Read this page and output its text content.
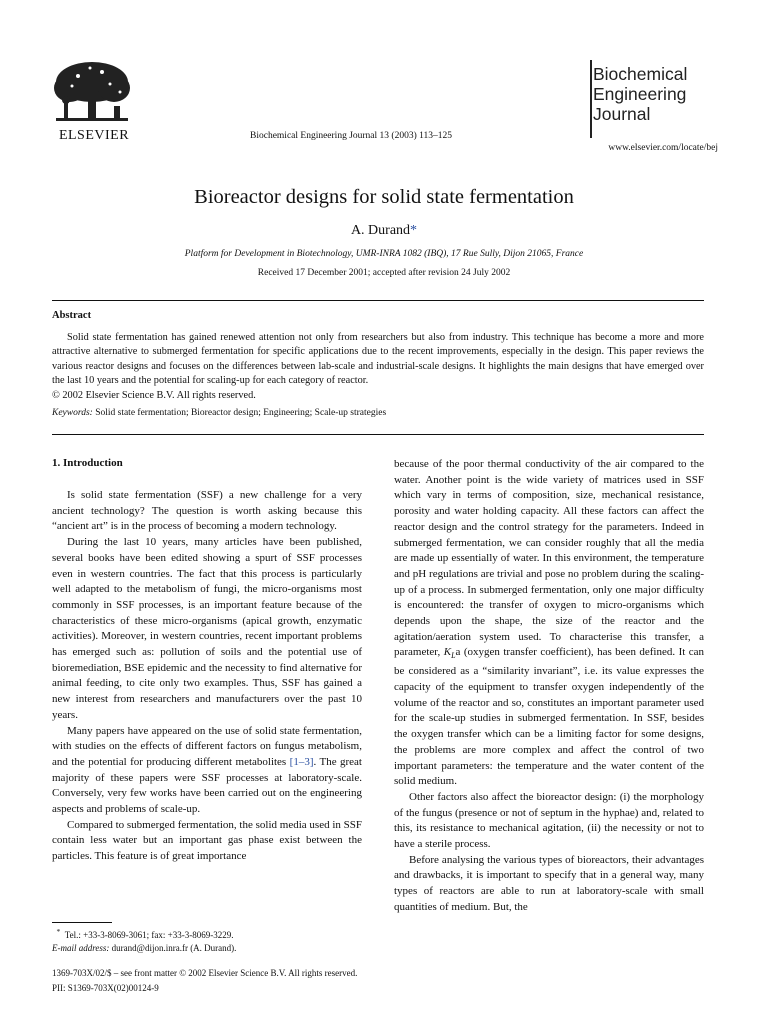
ELSEVIER	Biochemical Engineering Journal 13 (2003) 113–125
Biochemical
Engineering
Journal
www.elsevier.com/locate/bej
Bioreactor designs for solid state fermentation
A. Durand*
Platform for Development in Biotechnology, UMR-INRA 1082 (IBQ), 17 Rue Sully, Dijon 21065, France
Received 17 December 2001; accepted after revision 24 July 2002
Abstract

Solid state fermentation has gained renewed attention not only from researchers but also from industry. This technique has become a more and more attractive alternative to submerged fermentation for specific applications due to the recent improvements, especially in the design. This paper reviews the various reactor designs and focuses on the differences between lab-scale and industrial-scale designs. It highlights the main designs that have emerged over the last 10 years and the potential for scaling-up for each category of reactor.

© 2002 Elsevier Science B.V. All rights reserved.

Keywords: Solid state fermentation; Bioreactor design; Engineering; Scale-up strategies
1. Introduction

Is solid state fermentation (SSF) a new challenge for a very ancient technology? The question is worth asking because this “ancient art” is in the process of becoming a modern technology.

During the last 10 years, many articles have been published, several books have been edited showing a spurt of SSF processes even in western countries. The fact that this process is particularly well adapted to the metabolism of fungi, the micro-organisms most commonly in SSF processes, is an important feature because of the characteristics of these micro-organisms (apical growth, enzymatic activities). Moreover, in western countries, recent important problems has emerged such as: pollution of soils and the potential use of bioremediation, BSE epidemic and the necessity to find alternative for animal feeding, to cite only two examples. Thus, SSF has gained a new interest from researchers and manufacturers over the past 10 years.

Many papers have appeared on the use of solid state fermentation, with studies on the effects of different factors on fungus metabolism, and the potential for producing different metabolites [1–3]. The great majority of these papers were SSF processes at laboratory-scale. Conversely, very few works have been carried out on the engineering aspects and problems of scale-up.

Compared to submerged fermentation, the solid media used in SSF contain less water but an important gas phase exist between the particles. This feature is of great importance

because of the poor thermal conductivity of the air compared to the water. Another point is the wide variety of matrices used in SSF which vary in terms of composition, size, mechanical resistance, porosity and water holding capacity. All these factors can affect the reactor design and the control strategy for the parameters. Indeed in submerged fermentation, we can consider roughly that all the media are made up essentially of water. In this environment, the temperature and pH regulations are trivial and pose no problem during the scaling-up of a process. In submerged fermentation, only one major difficulty is encountered: the transfer of oxygen to micro-organisms which depends upon the shape, the size of the reactor and the agitation/aeration system used. To characterise this transfer, a parameter, $K_La$ (oxygen transfer coefficient), has been defined. It can be considered as a “similarity invariant”, i.e. its value expresses the capacity of the equipment to transfer oxygen independently of the volume of the reactor and so, constitutes an important parameter used for the scale-up studies in submerged fermentation. In SSF, besides the oxygen transfer which can be a limiting factor for some designs, the problems are more complex and affect the control of two important parameters: the temperature and the water content of the solid medium.

Other factors also affect the bioreactor design: (i) the morphology of the fungus (presence or not of septum in the hyphae) and, related to this, its resistance to mechanical agitation, (ii) the necessity or not to have a sterile process.

Before analysing the various types of bioreactors, their advantages and drawbacks, it is important to specify that in a general way, many types of reactors are able to run at laboratory-scale with small quantities of medium. But, the

* Tel.: +33-3-8069-3061; fax: +33-3-8069-3229.
E-mail address: durand@dijon.inra.fr (A. Durand).
1369-703X/02/$ – see front matter © 2002 Elsevier Science B.V. All rights reserved.
PII: S1369-703X(02)00124-9
